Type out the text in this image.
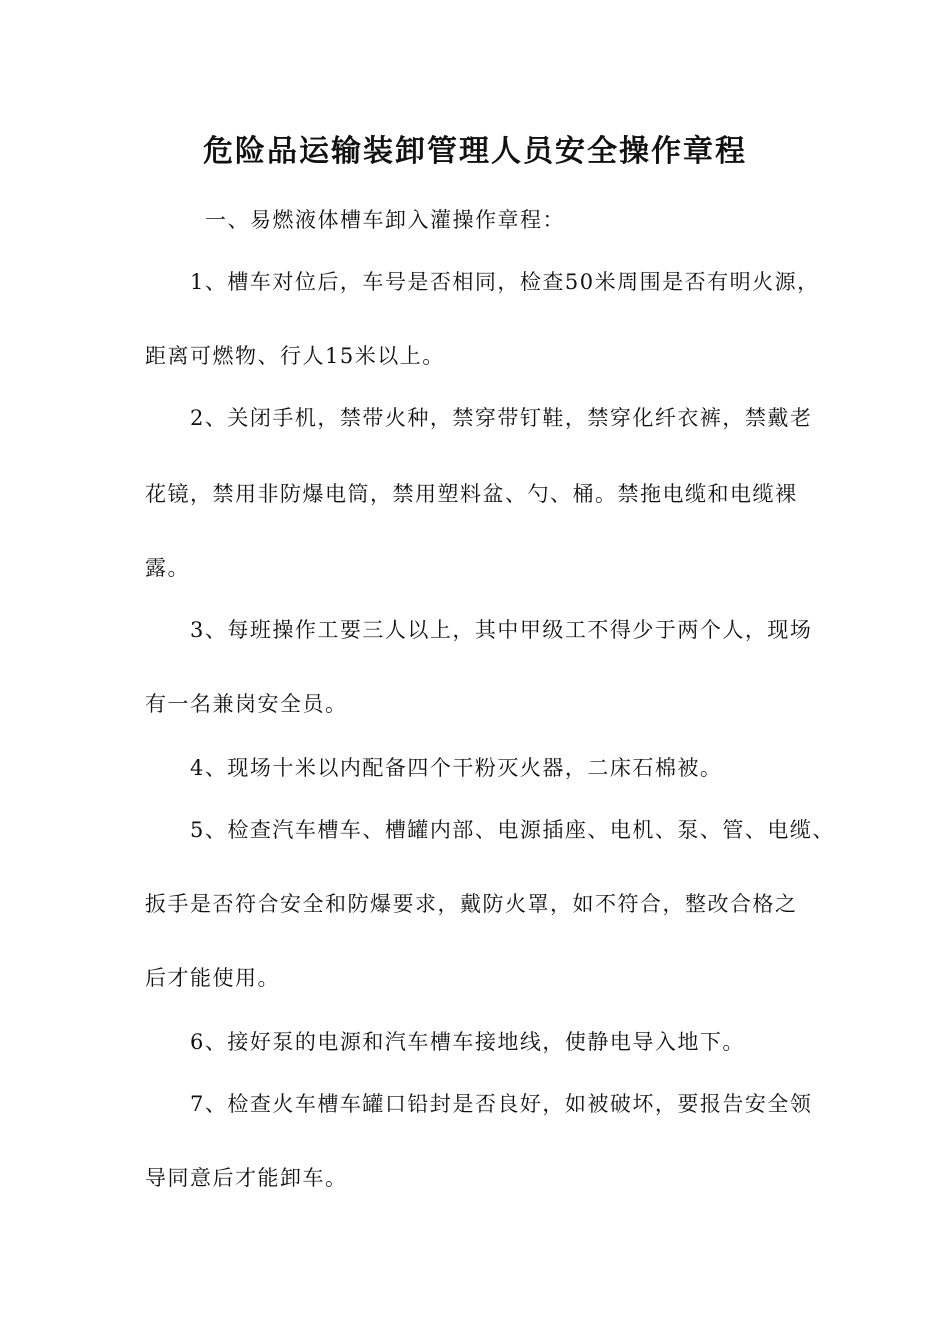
危险品运输装卸管理人员安全操作章程

一、易燃液体槽车卸入灌操作章程：

1、槽车对位后，车号是否相同，检查50米周围是否有明火源，

距离可燃物、行人15米以上。

2、关闭手机，禁带火种，禁穿带钉鞋，禁穿化纤衣裤，禁戴老

花镜，禁用非防爆电筒，禁用塑料盆、勺、桶。禁拖电缆和电缆裸

露。

3、每班操作工要三人以上，其中甲级工不得少于两个人，现场

有一名兼岗安全员。

4、现场十米以内配备四个干粉灭火器，二床石棉被。

5、检查汽车槽车、槽罐内部、电源插座、电机、泵、管、电缆、

扳手是否符合安全和防爆要求，戴防火罩，如不符合，整改合格之

后才能使用。

6、接好泵的电源和汽车槽车接地线，使静电导入地下。

7、检查火车槽车罐口铅封是否良好，如被破坏，要报告安全领

导同意后才能卸车。
